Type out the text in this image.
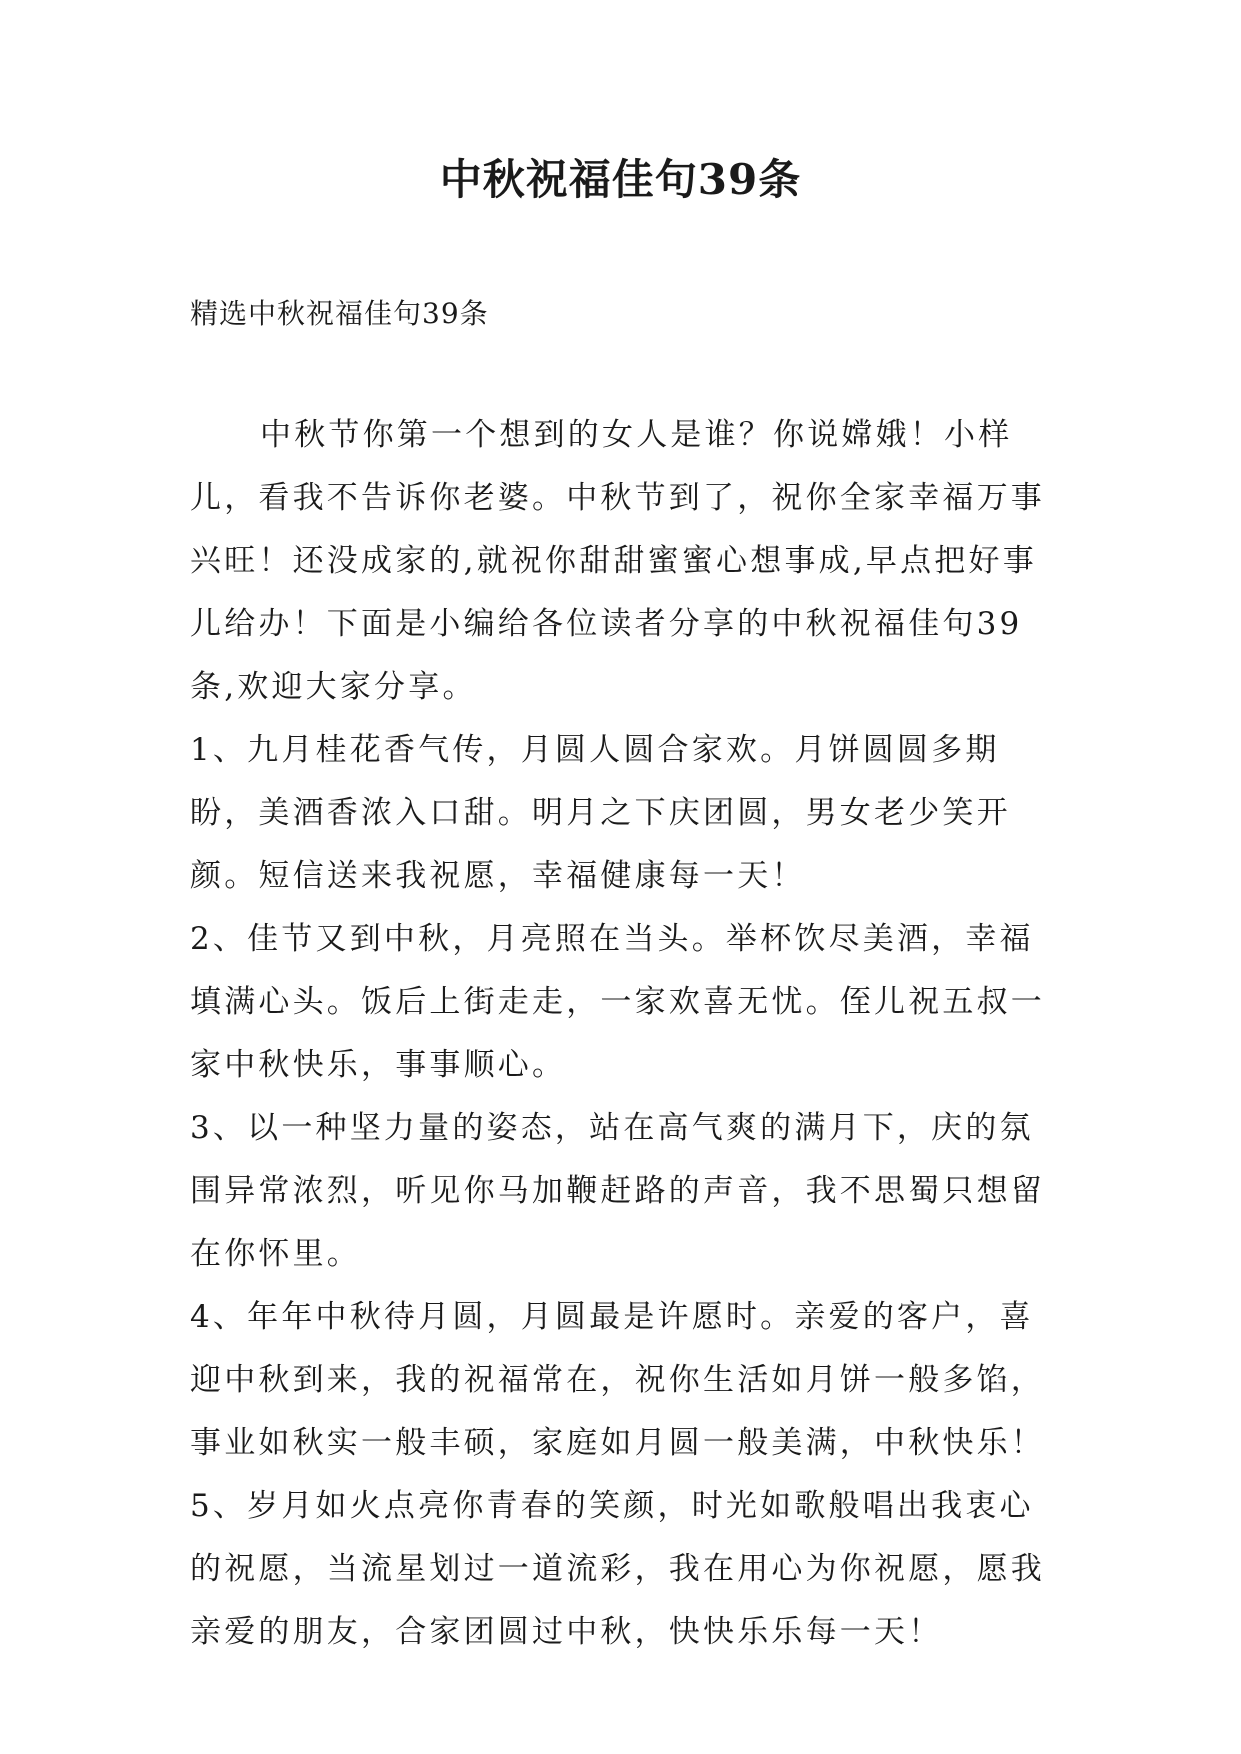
中秋祝福佳句39条

精选中秋祝福佳句39条

中秋节你第一个想到的女人是谁？你说嫦娥！小样儿，看我不告诉你老婆。中秋节到了，祝你全家幸福万事兴旺！还没成家的,就祝你甜甜蜜蜜心想事成,早点把好事儿给办！下面是小编给各位读者分享的中秋祝福佳句39条,欢迎大家分享。

1、九月桂花香气传，月圆人圆合家欢。月饼圆圆多期盼，美酒香浓入口甜。明月之下庆团圆，男女老少笑开颜。短信送来我祝愿，幸福健康每一天！

2、佳节又到中秋，月亮照在当头。举杯饮尽美酒，幸福填满心头。饭后上街走走，一家欢喜无忧。侄儿祝五叔一家中秋快乐，事事顺心。

3、以一种坚力量的姿态，站在高气爽的满月下，庆的氛围异常浓烈，听见你马加鞭赶路的声音，我不思蜀只想留在你怀里。

4、年年中秋待月圆，月圆最是许愿时。亲爱的客户，喜迎中秋到来，我的祝福常在，祝你生活如月饼一般多馅，事业如秋实一般丰硕，家庭如月圆一般美满，中秋快乐！

5、岁月如火点亮你青春的笑颜，时光如歌般唱出我衷心的祝愿，当流星划过一道流彩，我在用心为你祝愿，愿我亲爱的朋友，合家团圆过中秋，快快乐乐每一天！
